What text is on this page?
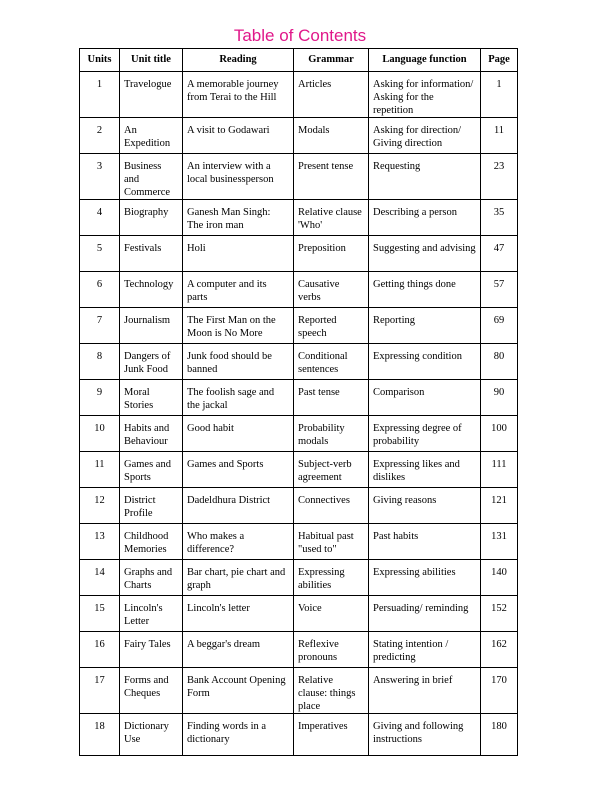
Table of Contents
Units	Unit title	Reading	Grammar	Language function	Page
1	Travelogue	A memorable journey from Terai to the Hill	Articles	Asking for information/ Asking for the repetition	1
2	An Expedition	A visit to Godawari	Modals	Asking for direction/ Giving direction	11
3	Business and Commerce	An interview with a local businessperson	Present tense	Requesting	23
4	Biography	Ganesh Man Singh: The iron man	Relative clause 'Who'	Describing a person	35
5	Festivals	Holi	Preposition	Suggesting and advising	47
6	Technology	A computer and its parts	Causative verbs	Getting things done	57
7	Journalism	The First Man on the Moon is No More	Reported speech	Reporting	69
8	Dangers of Junk Food	Junk food should be banned	Conditional sentences	Expressing condition	80
9	Moral Stories	The foolish sage and the jackal	Past tense	Comparison	90
10	Habits and Behaviour	Good habit	Probability modals	Expressing degree of probability	100
11	Games and Sports	Games and Sports	Subject-verb agreement	Expressing likes and dislikes	111
12	District Profile	Dadeldhura District	Connectives	Giving reasons	121
13	Childhood Memories	Who makes a difference?	Habitual past "used to"	Past habits	131
14	Graphs and Charts	Bar chart, pie chart and graph	Expressing abilities	Expressing abilities	140
15	Lincoln's Letter	Lincoln's letter	Voice	Persuading/ reminding	152
16	Fairy Tales	A beggar's dream	Reflexive pronouns	Stating intention / predicting	162
17	Forms and Cheques	Bank Account Opening Form	Relative clause: things place	Answering in brief	170
18	Dictionary Use	Finding words in a dictionary	Imperatives	Giving and following instructions	180
